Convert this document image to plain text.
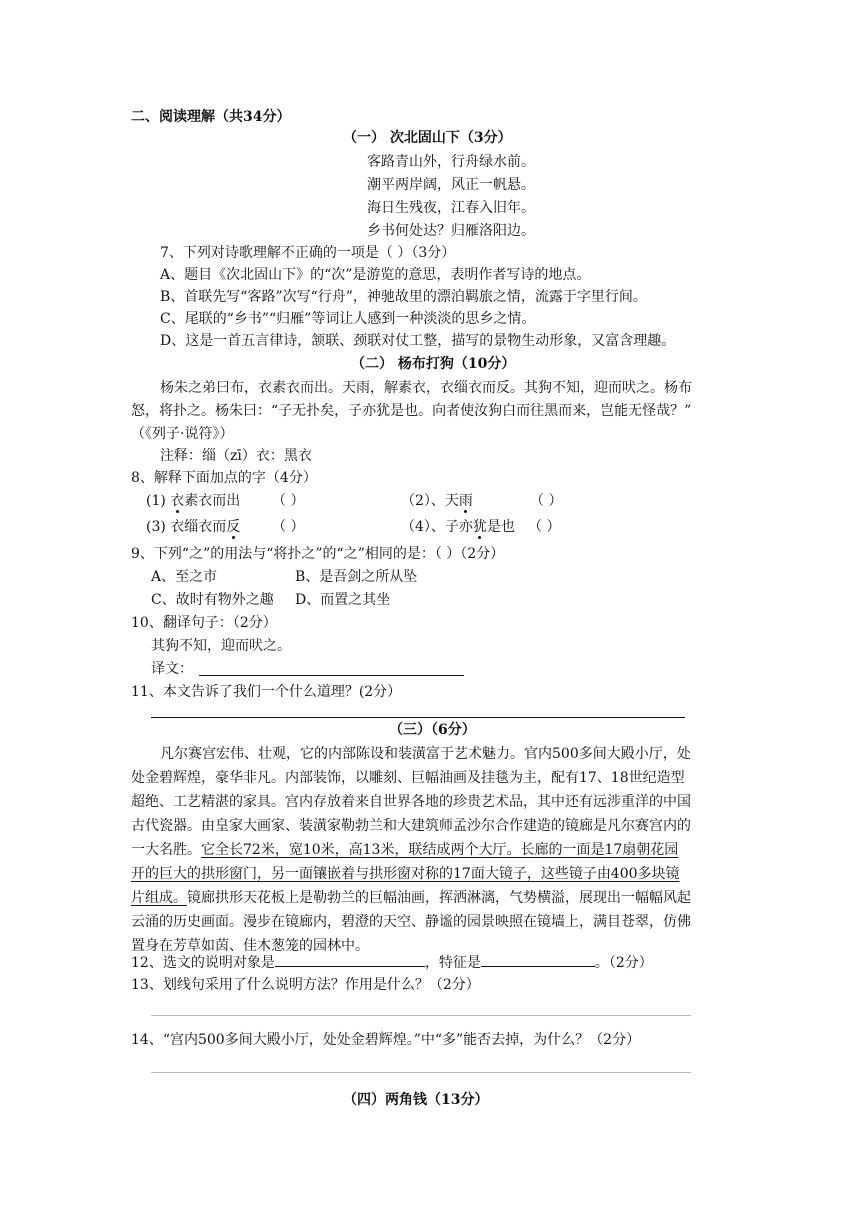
二、阅读理解（共34分）
（一） 次北固山下（3分）
客路青山外，行舟绿水前。
潮平两岸阔，风正一帆悬。
海日生残夜，江春入旧年。
乡书何处达？归雁洛阳边。
7、下列对诗歌理解不正确的一项是（ ）（3分）
A、题目《次北固山下》的“次”是游览的意思，表明作者写诗的地点。
B、首联先写“客路”次写“行舟”，神驰故里的漂泊羁旅之情，流露于字里行间。
C、尾联的“乡书”“归雁”等词让人感到一种淡淡的思乡之情。
D、这是一首五言律诗，颔联、颈联对仗工整，描写的景物生动形象，又富含理趣。
（二） 杨布打狗（10分）
杨朱之弟曰布，衣素衣而出。天雨，解素衣，衣缁衣而反。其狗不知，迎而吠之。杨布
怒，将扑之。杨朱曰：“子无扑矣，子亦犹是也。向者使汝狗白而往黑而来，岂能无怪哉？”
（《列子·说符》）
注释：缁（zī）衣：黑衣
8、解释下面加点的字（4分）
(1) 衣素衣而出 （ ）	（2）、天雨	（ ）
(3) 衣缁衣而反 （ ）	（4）、子亦犹是也 （ ）
9、下列“之”的用法与“将扑之”的“之”相同的是：（ ）（2分）
A、至之市	B、是吾剑之所从坠
C、故时有物外之趣 D、而置之其坐
10、翻译句子：（2分）
其狗不知，迎而吠之。
译文：
11、本文告诉了我们一个什么道理？(2分）
（三）（6分）
凡尔赛宫宏伟、壮观，它的内部陈设和装潢富于艺术魅力。官内500多间大殿小厅，处
处金碧辉煌，豪华非凡。内部装饰，以雕刻、巨幅油画及挂毯为主，配有17、18世纪造型
超绝、工艺精湛的家具。宫内存放着来自世界各地的珍贵艺术品，其中还有远涉重洋的中国
古代瓷器。由皇家大画家、装潢家勒勃兰和大建筑师孟沙尔合作建造的镜廊是凡尔赛宫内的
一大名胜。它全长72米，宽10米，高13米，联结成两个大厅。长廊的一面是17扇朝花园
开的巨大的拱形窗门，另一面镶嵌着与拱形窗对称的17面大镜子，这些镜子由400多块镜
片组成。镜廊拱形天花板上是勒勃兰的巨幅油画，挥洒淋漓，气势横溢，展现出一幅幅风起
云涌的历史画面。漫步在镜廊内，碧澄的天空、静谧的园景映照在镜墙上，满目苍翠，仿佛
置身在芳草如茵、佳木葱笼的园林中。
12、选文的说明对象是	，特征是	。（2分）
13、划线句采用了什么说明方法？作用是什么？（2分）
14、“宫内500多间大殿小厅，处处金碧辉煌。”中“多”能否去掉，为什么？（2分）
（四）两角钱（13分）
